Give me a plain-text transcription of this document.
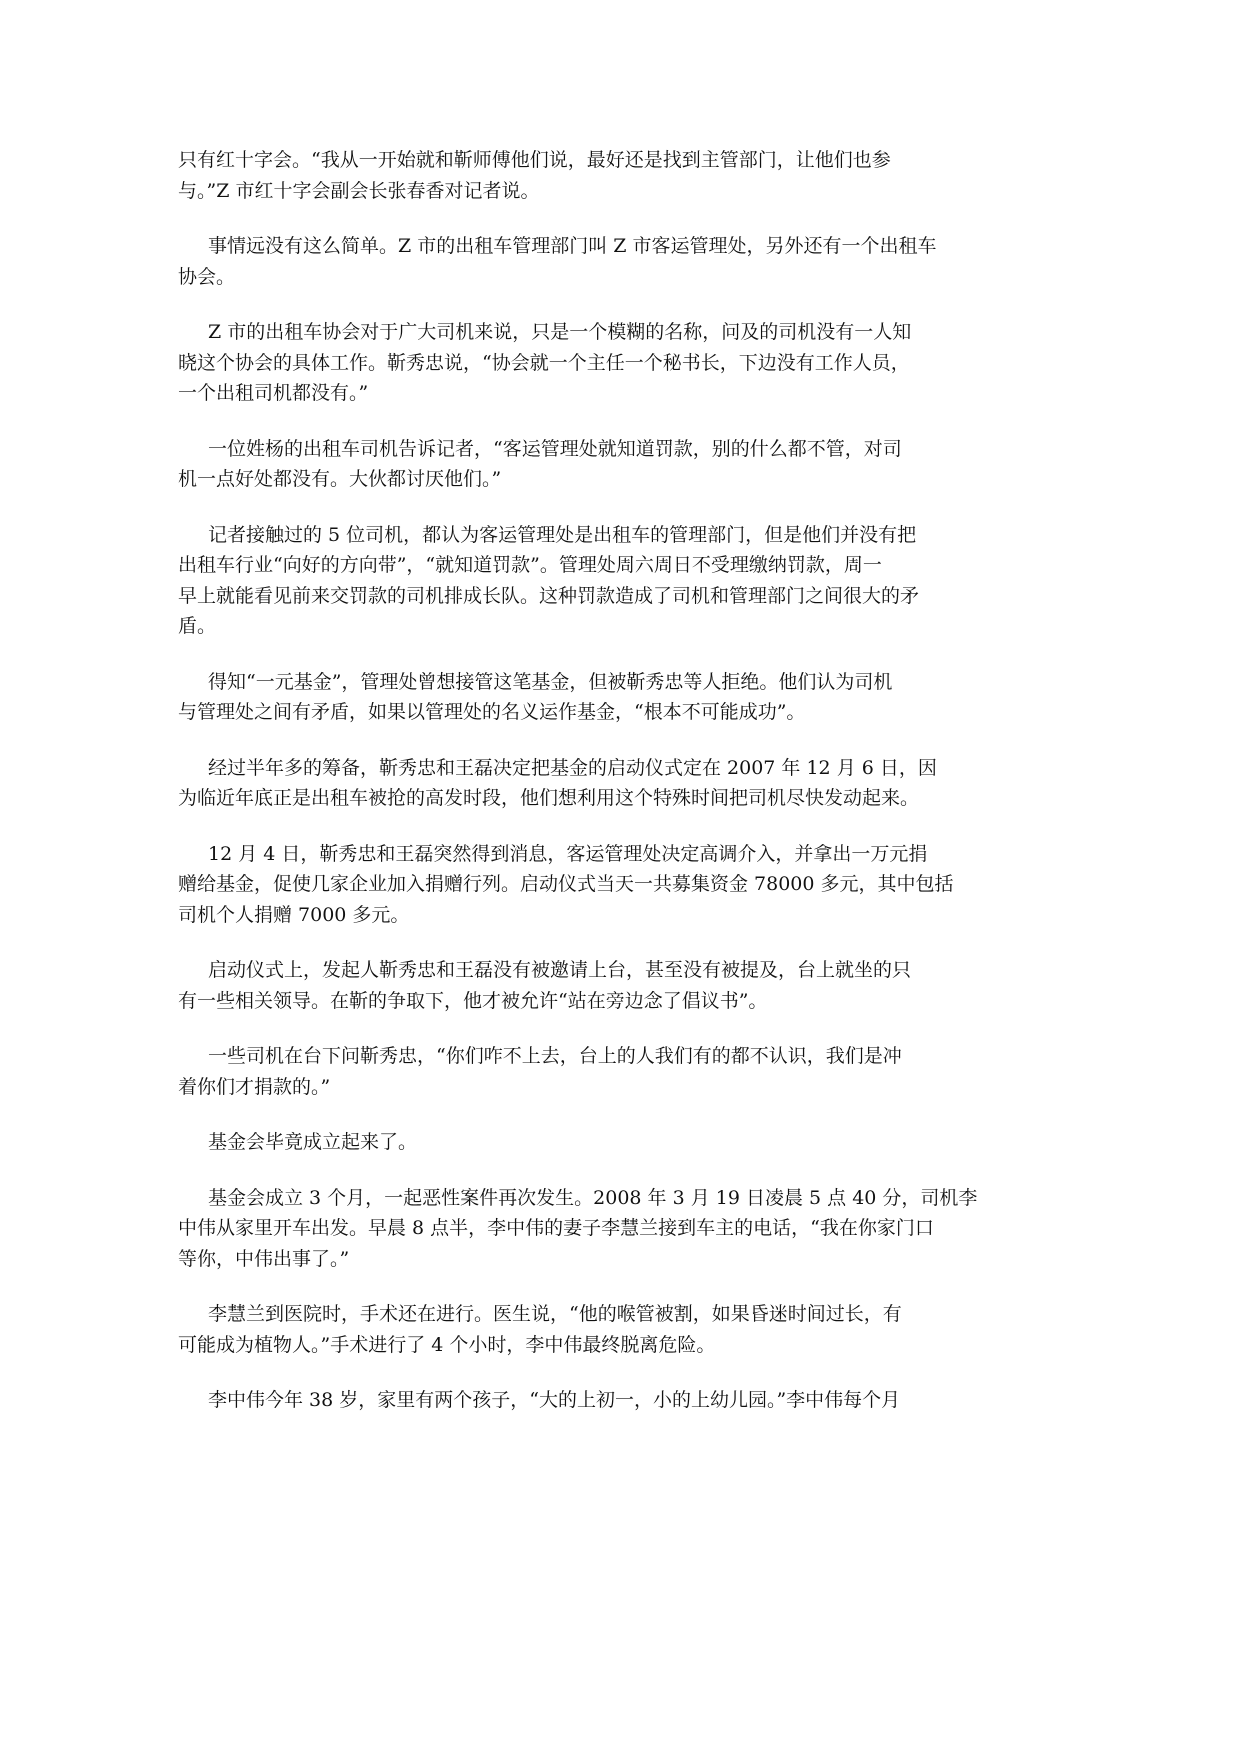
只有红十字会。“我从一开始就和靳师傅他们说，最好还是找到主管部门，让他们也参
与。”Z 市红十字会副会长张春香对记者说。
事情远没有这么简单。Z 市的出租车管理部门叫 Z 市客运管理处，另外还有一个出租车
协会。
Z 市的出租车协会对于广大司机来说，只是一个模糊的名称，问及的司机没有一人知
晓这个协会的具体工作。靳秀忠说，“协会就一个主任一个秘书长，下边没有工作人员，
一个出租司机都没有。”
一位姓杨的出租车司机告诉记者，“客运管理处就知道罚款，别的什么都不管，对司
机一点好处都没有。大伙都讨厌他们。”
记者接触过的 5 位司机，都认为客运管理处是出租车的管理部门，但是他们并没有把
出租车行业“向好的方向带”，“就知道罚款”。管理处周六周日不受理缴纳罚款，周一
早上就能看见前来交罚款的司机排成长队。这种罚款造成了司机和管理部门之间很大的矛
盾。
得知“一元基金”，管理处曾想接管这笔基金，但被靳秀忠等人拒绝。他们认为司机
与管理处之间有矛盾，如果以管理处的名义运作基金，“根本不可能成功”。
经过半年多的筹备，靳秀忠和王磊决定把基金的启动仪式定在 2007 年 12 月 6 日，因
为临近年底正是出租车被抢的高发时段，他们想利用这个特殊时间把司机尽快发动起来。
12 月 4 日，靳秀忠和王磊突然得到消息，客运管理处决定高调介入，并拿出一万元捐
赠给基金，促使几家企业加入捐赠行列。启动仪式当天一共募集资金 78000 多元，其中包括
司机个人捐赠 7000 多元。
启动仪式上，发起人靳秀忠和王磊没有被邀请上台，甚至没有被提及，台上就坐的只
有一些相关领导。在靳的争取下，他才被允许“站在旁边念了倡议书”。
一些司机在台下问靳秀忠，“你们咋不上去，台上的人我们有的都不认识，我们是冲
着你们才捐款的。”
基金会毕竟成立起来了。
基金会成立 3 个月，一起恶性案件再次发生。2008 年 3 月 19 日凌晨 5 点 40 分，司机李
中伟从家里开车出发。早晨 8 点半，李中伟的妻子李慧兰接到车主的电话，“我在你家门口
等你，中伟出事了。”
李慧兰到医院时，手术还在进行。医生说，“他的喉管被割，如果昏迷时间过长，有
可能成为植物人。”手术进行了 4 个小时，李中伟最终脱离危险。
李中伟今年 38 岁，家里有两个孩子，“大的上初一，小的上幼儿园。”李中伟每个月
